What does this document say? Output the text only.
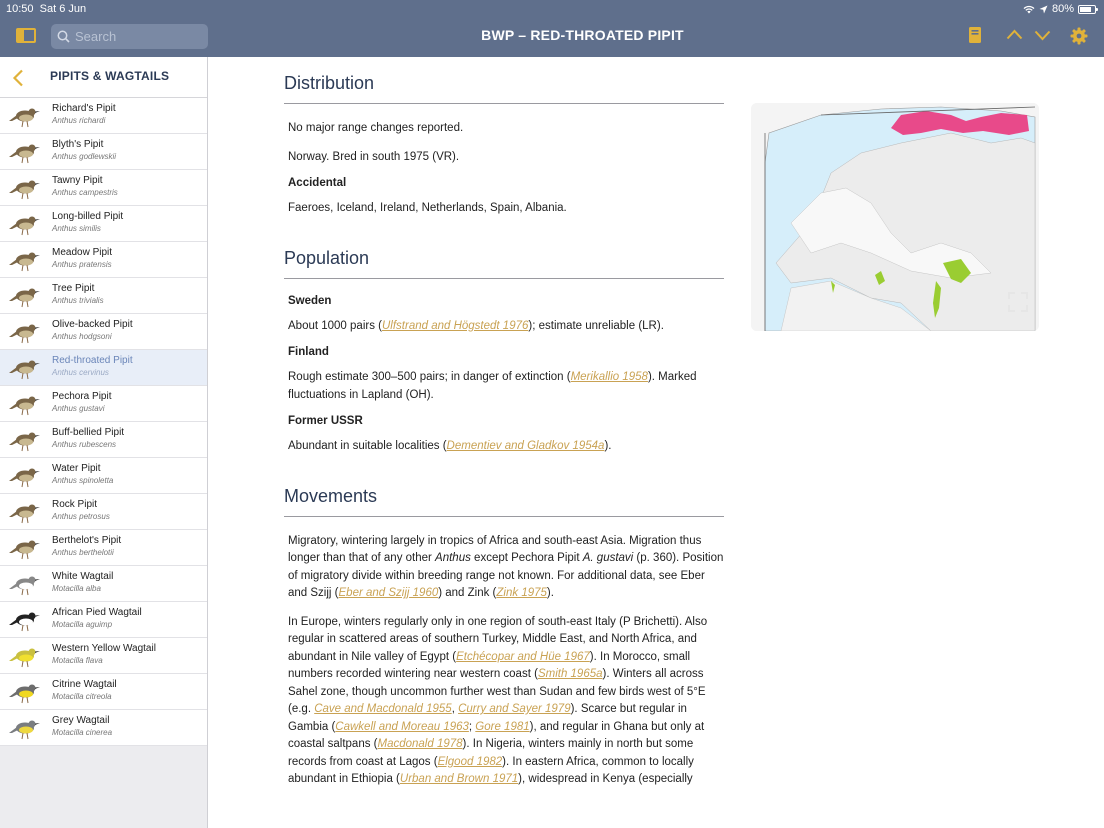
10:50 Sat 6 Jun	80%
Search
BWP – RED-THROATED PIPIT
PIPITS & WAGTAILS
Richard's Pipit
Anthus richardi
Blyth's Pipit
Anthus godlewskii
Tawny Pipit
Anthus campestris
Long-billed Pipit
Anthus similis
Meadow Pipit
Anthus pratensis
Tree Pipit
Anthus trivialis
Olive-backed Pipit
Anthus hodgsoni
Red-throated Pipit
Anthus cervinus
Pechora Pipit
Anthus gustavi
Buff-bellied Pipit
Anthus rubescens
Water Pipit
Anthus spinoletta
Rock Pipit
Anthus petrosus
Berthelot's Pipit
Anthus berthelotii
White Wagtail
Motacilla alba
African Pied Wagtail
Motacilla aguimp
Western Yellow Wagtail
Motacilla flava
Citrine Wagtail
Motacilla citreola
Grey Wagtail
Motacilla cinerea
Distribution

No major range changes reported.

Norway. Bred in south 1975 (VR).

Accidental

Faeroes, Iceland, Ireland, Netherlands, Spain, Albania.

Population

Sweden

About 1000 pairs (Ulfstrand and Högstedt 1976); estimate unreliable (LR).

Finland

Rough estimate 300–500 pairs; in danger of extinction (Merikallio 1958). Marked fluctuations in Lapland (OH).

Former USSR

Abundant in suitable localities (Dementiev and Gladkov 1954a).

Movements

Migratory, wintering largely in tropics of Africa and south-east Asia. Migration thus longer than that of any other Anthus except Pechora Pipit A. gustavi (p. 360). Position of migratory divide within breeding range not known. For additional data, see Eber and Szijj (Eber and Szijj 1960) and Zink (Zink 1975).

In Europe, winters regularly only in one region of south-east Italy (P Brichetti). Also regular in scattered areas of southern Turkey, Middle East, and North Africa, and abundant in Nile valley of Egypt (Etchécopar and Hüe 1967). In Morocco, small numbers recorded wintering near western coast (Smith 1965a). Winters all across Sahel zone, though uncommon further west than Sudan and few birds west of 5°E (e.g. Cave and Macdonald 1955, Curry and Sayer 1979). Scarce but regular in Gambia (Cawkell and Moreau 1963; Gore 1981), and regular in Ghana but only at coastal saltpans (Macdonald 1978). In Nigeria, winters mainly in north but some records from coast at Lagos (Elgood 1982). In eastern Africa, common to locally abundant in Ethiopia (Urban and Brown 1971), widespread in Kenya (especially
